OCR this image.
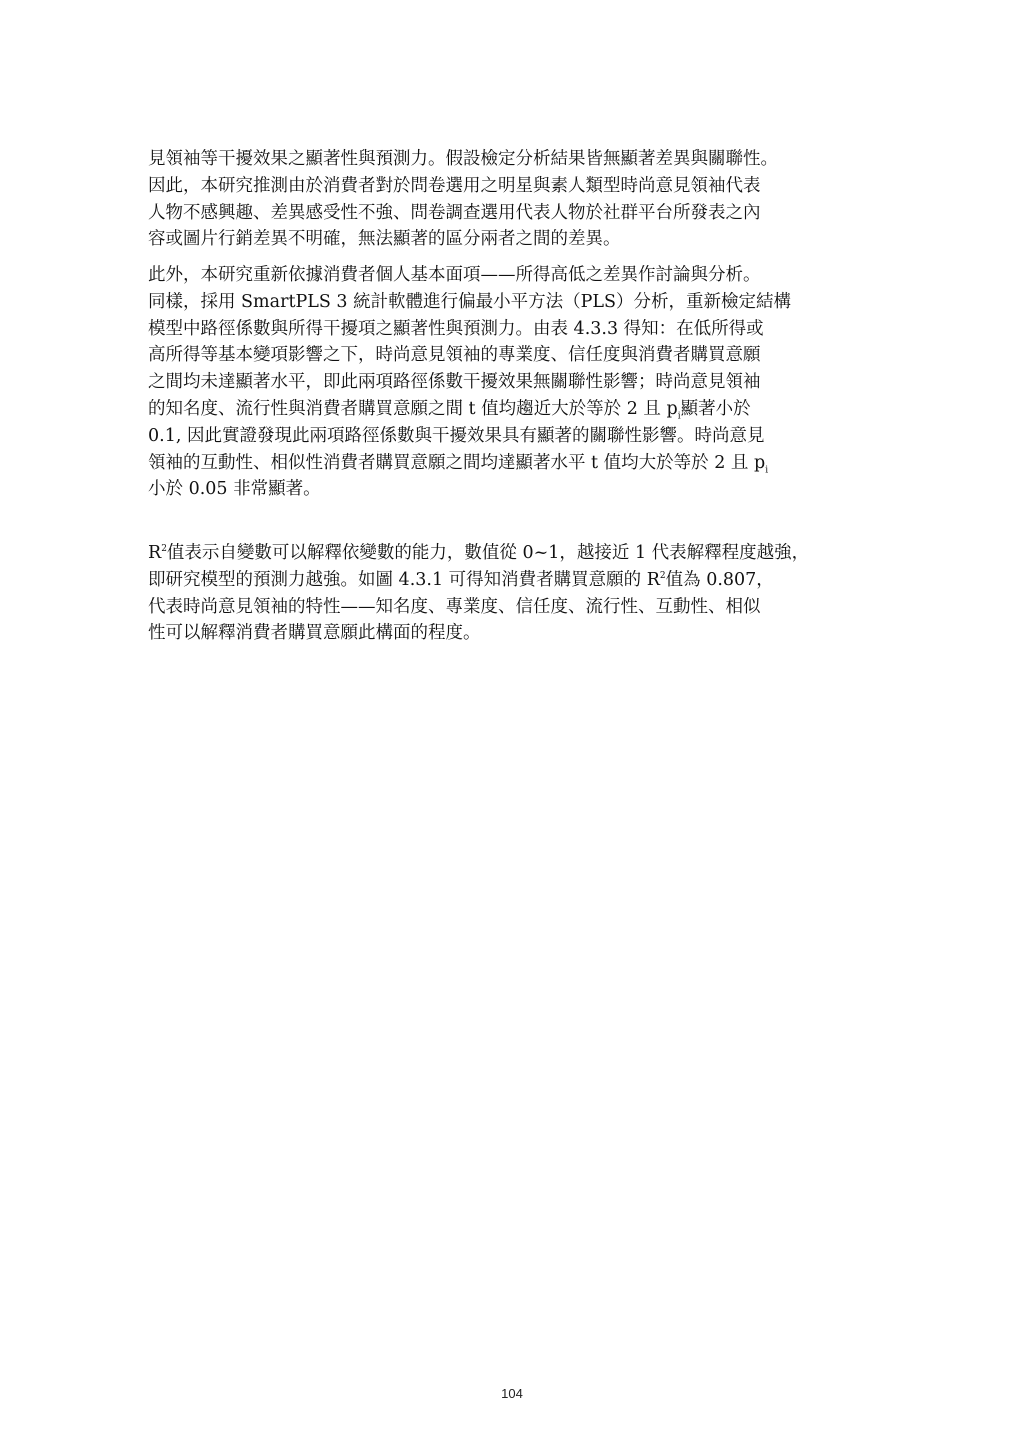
見領袖等干擾效果之顯著性與預測力。假設檢定分析結果皆無顯著差異與關聯性。
因此，本研究推測由於消費者對於問卷選用之明星與素人類型時尚意見領袖代表
人物不感興趣、差異感受性不強、問卷調查選用代表人物於社群平台所發表之內
容或圖片行銷差異不明確，無法顯著的區分兩者之間的差異。
此外，本研究重新依據消費者個人基本面項——所得高低之差異作討論與分析。
同樣，採用 SmartPLS 3 統計軟體進行偏最小平方法（PLS）分析，重新檢定結構
模型中路徑係數與所得干擾項之顯著性與預測力。由表 4.3.3 得知：在低所得或
高所得等基本變項影響之下，時尚意見領袖的專業度、信任度與消費者購買意願
之間均未達顯著水平，即此兩項路徑係數干擾效果無關聯性影響；時尚意見領袖
的知名度、流行性與消費者購買意願之間 t 值均趨近大於等於 2 且 $p_i$顯著小於
0.1, 因此實證發現此兩項路徑係數與干擾效果具有顯著的關聯性影響。時尚意見
領袖的互動性、相似性消費者購買意願之間均達顯著水平 t 值均大於等於 2 且 $p_i$
小於 0.05 非常顯著。
$R^2$值表示自變數可以解釋依變數的能力，數值從 0~1，越接近 1 代表解釋程度越強，
即研究模型的預測力越強。如圖 4.3.1 可得知消費者購買意願的 $R^2$值為 0.807，
代表時尚意見領袖的特性——知名度、專業度、信任度、流行性、互動性、相似
性可以解釋消費者購買意願此構面的程度。
104
